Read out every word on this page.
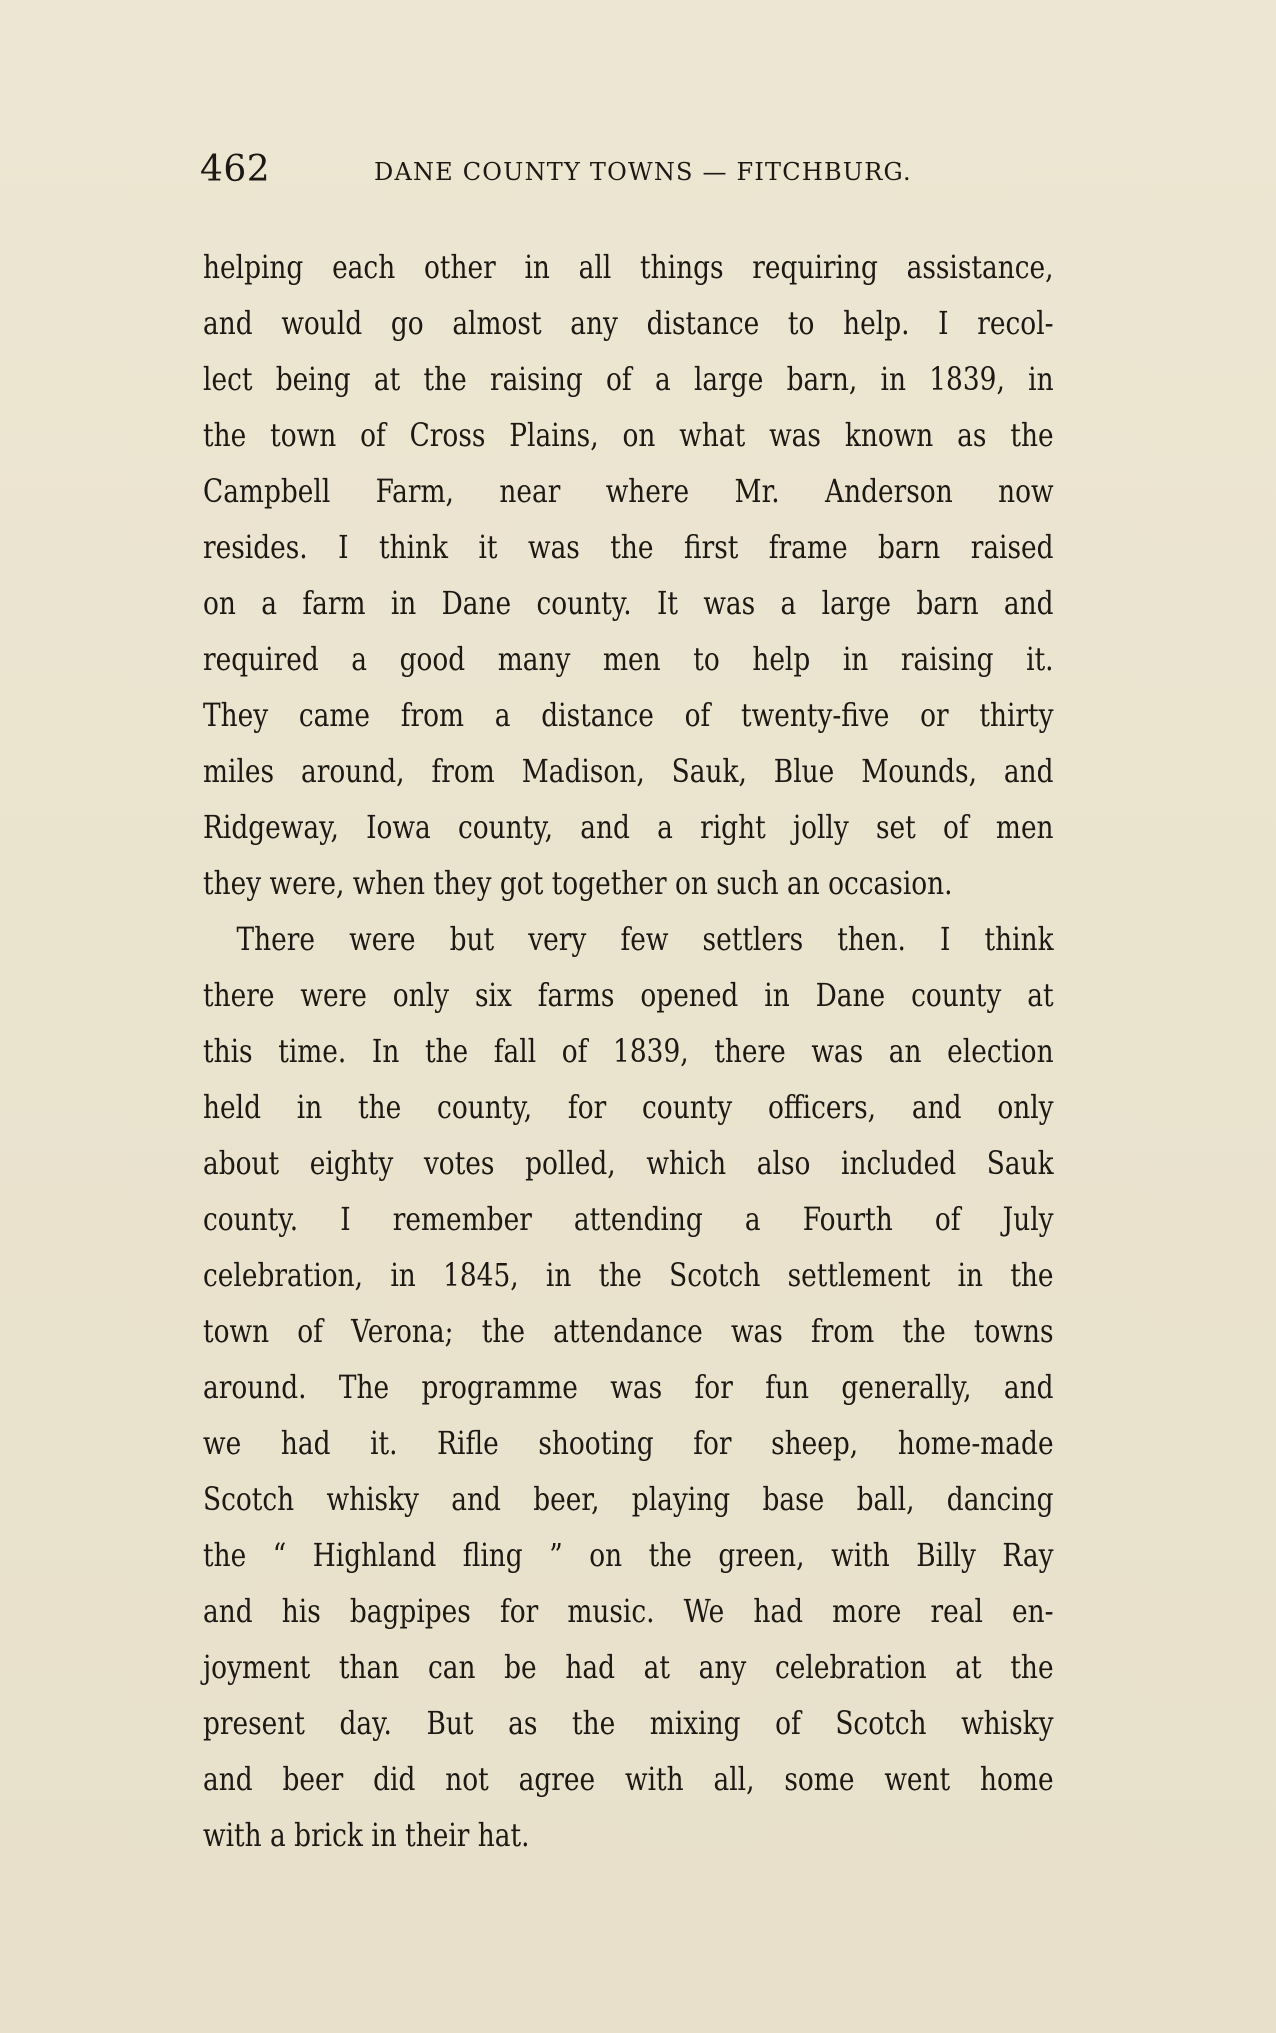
462	DANE COUNTY TOWNS — FITCHBURG.
helping each other in all things requiring assistance,
and would go almost any distance to help. I recol-
lect being at the raising of a large barn, in 1839, in
the town of Cross Plains, on what was known as the
Campbell Farm, near where Mr. Anderson now
resides. I think it was the first frame barn raised
on a farm in Dane county. It was a large barn and
required a good many men to help in raising it.
They came from a distance of twenty-five or thirty
miles around, from Madison, Sauk, Blue Mounds, and
Ridgeway, Iowa county, and a right jolly set of men
they were, when they got together on such an occasion.
There were but very few settlers then. I think
there were only six farms opened in Dane county at
this time. In the fall of 1839, there was an election
held in the county, for county officers, and only
about eighty votes polled, which also included Sauk
county. I remember attending a Fourth of July
celebration, in 1845, in the Scotch settlement in the
town of Verona; the attendance was from the towns
around. The programme was for fun generally, and
we had it. Rifle shooting for sheep, home-made
Scotch whisky and beer, playing base ball, dancing
the “ Highland fling ” on the green, with Billy Ray
and his bagpipes for music. We had more real en-
joyment than can be had at any celebration at the
present day. But as the mixing of Scotch whisky
and beer did not agree with all, some went home
with a brick in their hat.
